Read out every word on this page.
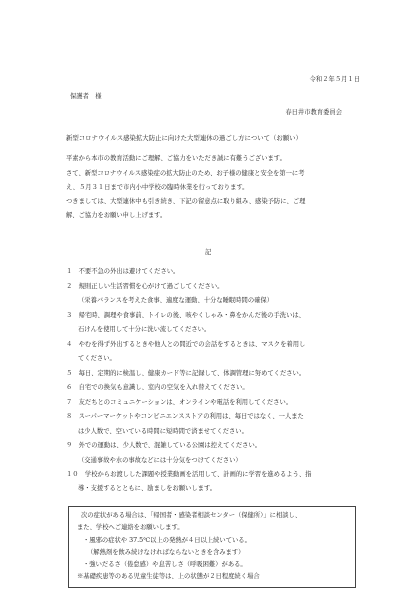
令和２年５月１日
保護者　様
春日井市教育委員会
新型コロナウイルス感染拡大防止に向けた大型連休の過ごし方について（お願い）
平素から本市の教育活動にご理解、ご協力をいただき誠に有難うございます。
さて、新型コロナウイルス感染症の拡大防止のため、お子様の健康と安全を第一に考
え、５月３１日まで市内小中学校の臨時休業を行っております。
つきましては、大型連休中も引き続き、下記の留意点に取り組み、感染予防に、ご理
解、ご協力をお願い申し上げます。
記
１　不要不急の外出は避けてください。
２　規則正しい生活習慣を心がけて過ごしてください。
（栄養バランスを考えた食事、適度な運動、十分な睡眠時間の確保）
３　帰宅時、調理や食事前、トイレの後、咳やくしゃみ・鼻をかんだ後の手洗いは、
石けんを使用して十分に洗い流してください。
４　やむを得ず外出するときや他人との間近での会話をするときは、マスクを着用し
てください。
５　毎日、定期的に検温し、健康カード等に記録して、体調管理に努めてください。
６　自宅での換気も意識し、室内の空気を入れ替えてください。
７　友だちとのコミュニケーションは、オンラインや電話を利用してください。
８　スーパーマーケットやコンビニエンスストアの利用は、毎日ではなく、一人また
は少人数で、空いている時間に短時間で済ませてください。
９　外での運動は、少人数で、混雑している公園は控えてください。
（交通事故や水の事故などには十分気をつけてください）
１０　学校からお渡しした課題や授業動画を活用して、計画的に学習を進めるよう、指
導・支援するとともに、励ましをお願いします。
次の症状がある場合は、「帰国者・感染者相談センター（保健所）」に相談し、
また、学校へご連絡をお願いします。
・風邪の症状や 37.5℃以上の発熱が４日以上続いている。
（解熱剤を飲み続けなければならないときを含みます）
・強いだるさ（倦怠感）や息苦しさ（呼吸困難）がある。
※基礎疾患等のある児童生徒等は、上の状態が２日程度続く場合
